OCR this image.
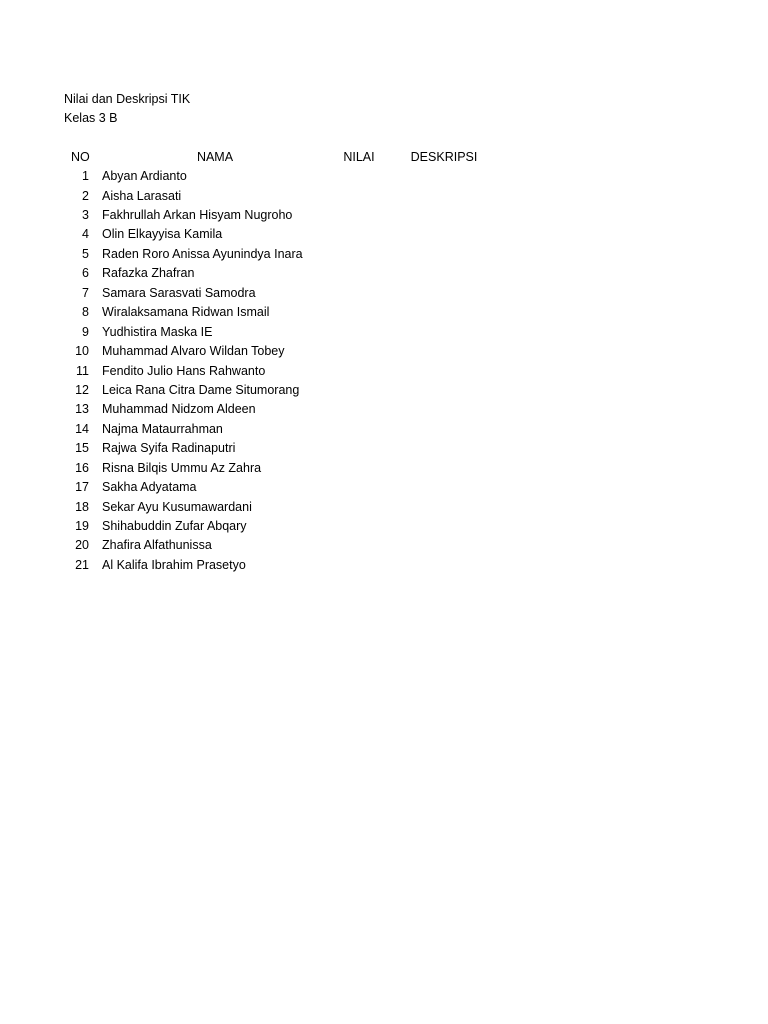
Nilai dan Deskripsi TIK
Kelas 3 B
NO	NAMA	NILAI	DESKRIPSI
1	Abyan Ardianto
2	Aisha Larasati
3	Fakhrullah Arkan Hisyam Nugroho
4	Olin Elkayyisa Kamila
5	Raden Roro Anissa Ayunindya Inara
6	Rafazka Zhafran
7	Samara Sarasvati Samodra
8	Wiralaksamana Ridwan Ismail
9	Yudhistira Maska IE
10	Muhammad Alvaro Wildan Tobey
11	Fendito Julio Hans Rahwanto
12	Leica Rana Citra Dame Situmorang
13	Muhammad Nidzom Aldeen
14	Najma Mataurrahman
15	Rajwa Syifa Radinaputri
16	Risna Bilqis Ummu Az Zahra
17	Sakha Adyatama
18	Sekar Ayu Kusumawardani
19	Shihabuddin Zufar Abqary
20	Zhafira Alfathunissa
21	Al Kalifa Ibrahim Prasetyo
